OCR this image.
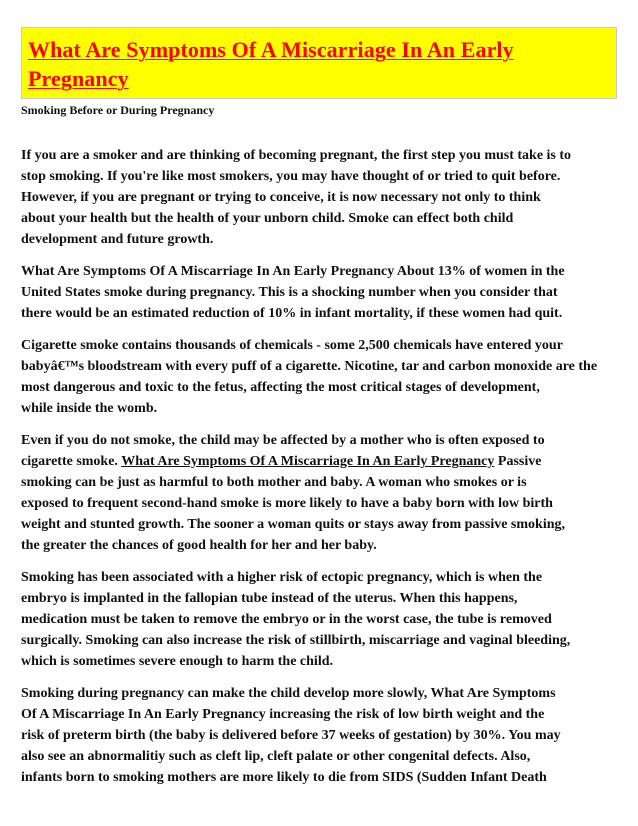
What Are Symptoms Of A Miscarriage In An Early
Pregnancy

Smoking Before or During Pregnancy

If you are a smoker and are thinking of becoming pregnant, the first step you must take is to
stop smoking. If you're like most smokers, you may have thought of or tried to quit before.
However, if you are pregnant or trying to conceive, it is now necessary not only to think
about your health but the health of your unborn child. Smoke can effect both child
development and future growth.

What Are Symptoms Of A Miscarriage In An Early Pregnancy About 13% of women in the
United States smoke during pregnancy. This is a shocking number when you consider that
there would be an estimated reduction of 10% in infant mortality, if these women had quit.

Cigarette smoke contains thousands of chemicals - some 2,500 chemicals have entered your
babyâ€™s bloodstream with every puff of a cigarette. Nicotine, tar and carbon monoxide are the
most dangerous and toxic to the fetus, affecting the most critical stages of development,
while inside the womb.

Even if you do not smoke, the child may be affected by a mother who is often exposed to
cigarette smoke. What Are Symptoms Of A Miscarriage In An Early Pregnancy Passive
smoking can be just as harmful to both mother and baby. A woman who smokes or is
exposed to frequent second-hand smoke is more likely to have a baby born with low birth
weight and stunted growth. The sooner a woman quits or stays away from passive smoking,
the greater the chances of good health for her and her baby.

Smoking has been associated with a higher risk of ectopic pregnancy, which is when the
embryo is implanted in the fallopian tube instead of the uterus. When this happens,
medication must be taken to remove the embryo or in the worst case, the tube is removed
surgically. Smoking can also increase the risk of stillbirth, miscarriage and vaginal bleeding,
which is sometimes severe enough to harm the child.

Smoking during pregnancy can make the child develop more slowly, What Are Symptoms
Of A Miscarriage In An Early Pregnancy increasing the risk of low birth weight and the
risk of preterm birth (the baby is delivered before 37 weeks of gestation) by 30%. You may
also see an abnormalitiy such as cleft lip, cleft palate or other congenital defects. Also,
infants born to smoking mothers are more likely to die from SIDS (Sudden Infant Death
